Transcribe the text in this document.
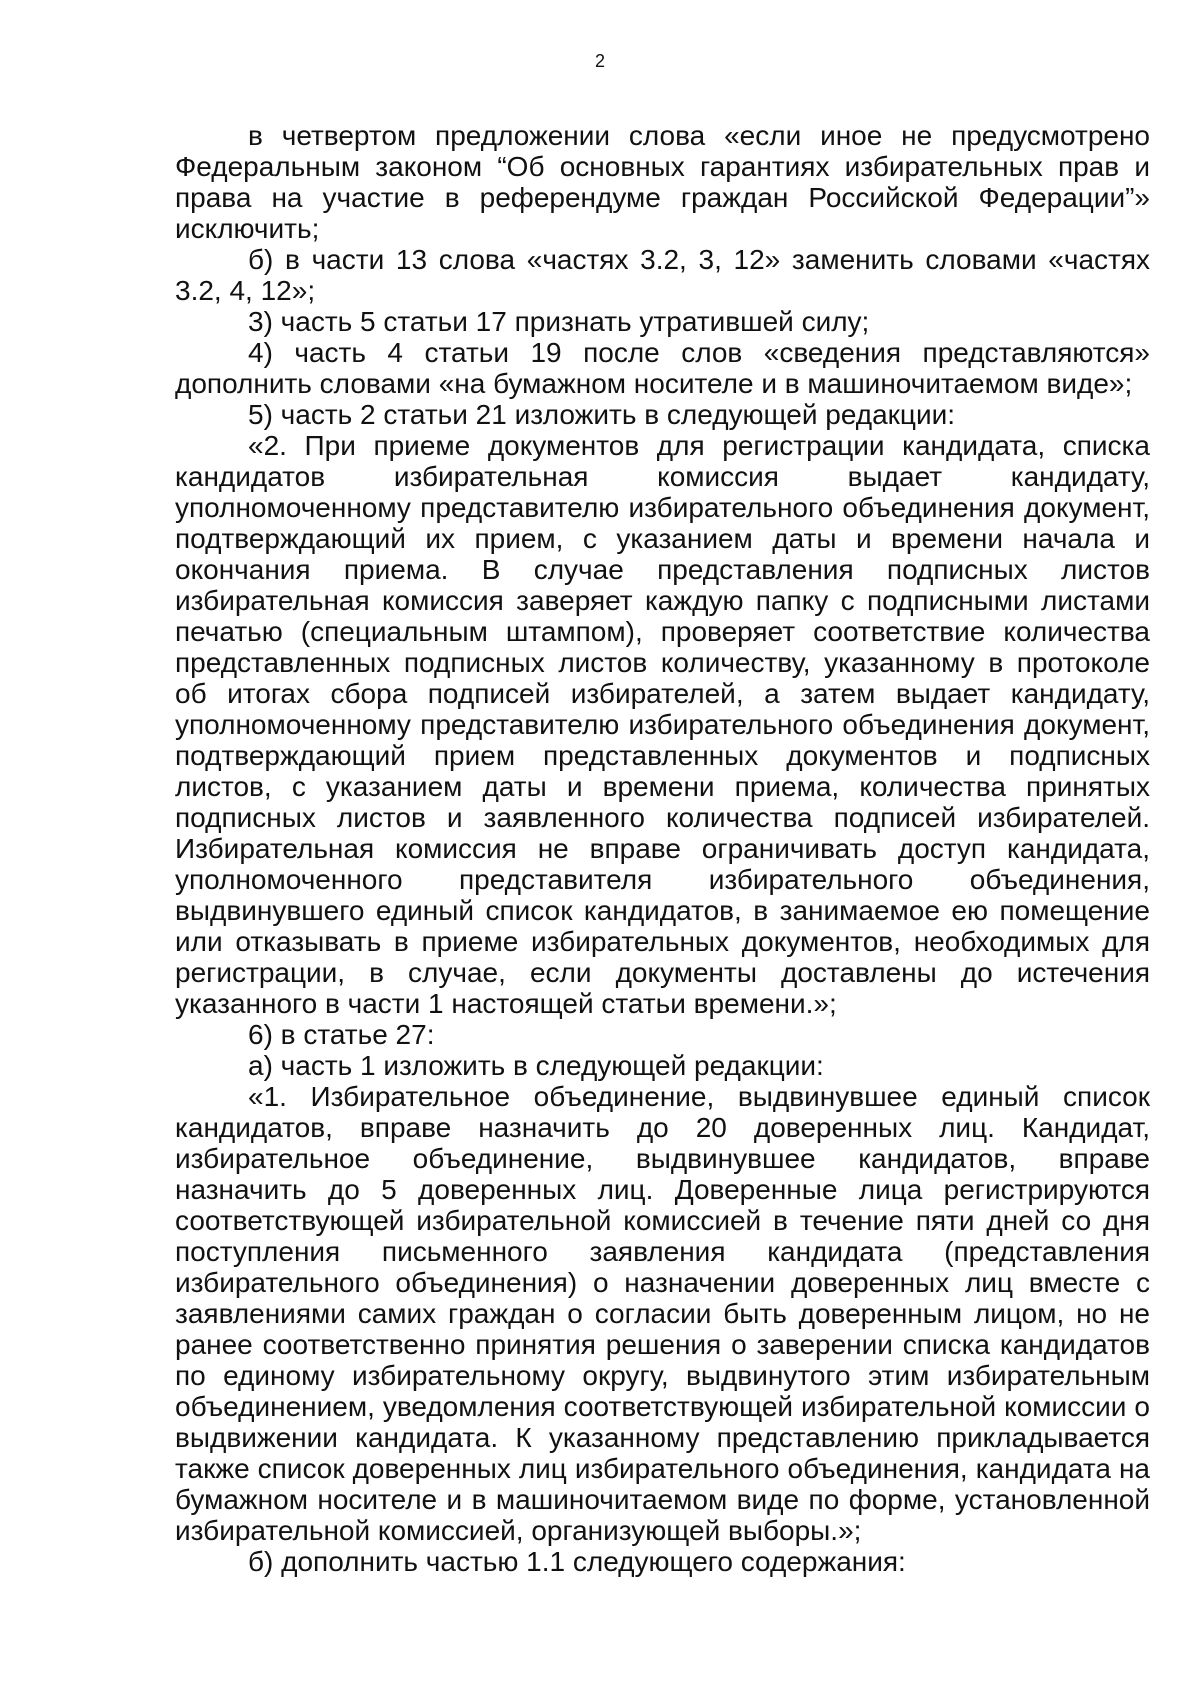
2

в четвертом предложении слова «если иное не предусмотрено Федеральным законом “Об основных гарантиях избирательных прав и права на участие в референдуме граждан Российской Федерации”» исключить;

б) в части 13 слова «частях 3.2, 3, 12» заменить словами «частях 3.2, 4, 12»;

3) часть 5 статьи 17 признать утратившей силу;

4) часть 4 статьи 19 после слов «сведения представляются» дополнить словами «на бумажном носителе и в машиночитаемом виде»;

5) часть 2 статьи 21 изложить в следующей редакции:

«2. При приеме документов для регистрации кандидата, списка кандидатов избирательная комиссия выдает кандидату, уполномоченному представителю избирательного объединения документ, подтверждающий их прием, с указанием даты и времени начала и окончания приема. В случае представления подписных листов избирательная комиссия заверяет каждую папку с подписными листами печатью (специальным штампом), проверяет соответствие количества представленных подписных листов количеству, указанному в протоколе об итогах сбора подписей избирателей, а затем выдает кандидату, уполномоченному представителю избирательного объединения документ, подтверждающий прием представленных документов и подписных листов, с указанием даты и времени приема, количества принятых подписных листов и заявленного количества подписей избирателей. Избирательная комиссия не вправе ограничивать доступ кандидата, уполномоченного представителя избирательного объединения, выдвинувшего единый список кандидатов, в занимаемое ею помещение или отказывать в приеме избирательных документов, необходимых для регистрации, в случае, если документы доставлены до истечения указанного в части 1 настоящей статьи времени.»;

6) в статье 27:

а) часть 1 изложить в следующей редакции:

«1. Избирательное объединение, выдвинувшее единый список кандидатов, вправе назначить до 20 доверенных лиц. Кандидат, избирательное объединение, выдвинувшее кандидатов, вправе назначить до 5 доверенных лиц. Доверенные лица регистрируются соответствующей избирательной комиссией в течение пяти дней со дня поступления письменного заявления кандидата (представления избирательного объединения) о назначении доверенных лиц вместе с заявлениями самих граждан о согласии быть доверенным лицом, но не ранее соответственно принятия решения о заверении списка кандидатов по единому избирательному округу, выдвинутого этим избирательным объединением, уведомления соответствующей избирательной комиссии о выдвижении кандидата. К указанному представлению прикладывается также список доверенных лиц избирательного объединения, кандидата на бумажном носителе и в машиночитаемом виде по форме, установленной избирательной комиссией, организующей выборы.»;

б) дополнить частью 1.1 следующего содержания:
